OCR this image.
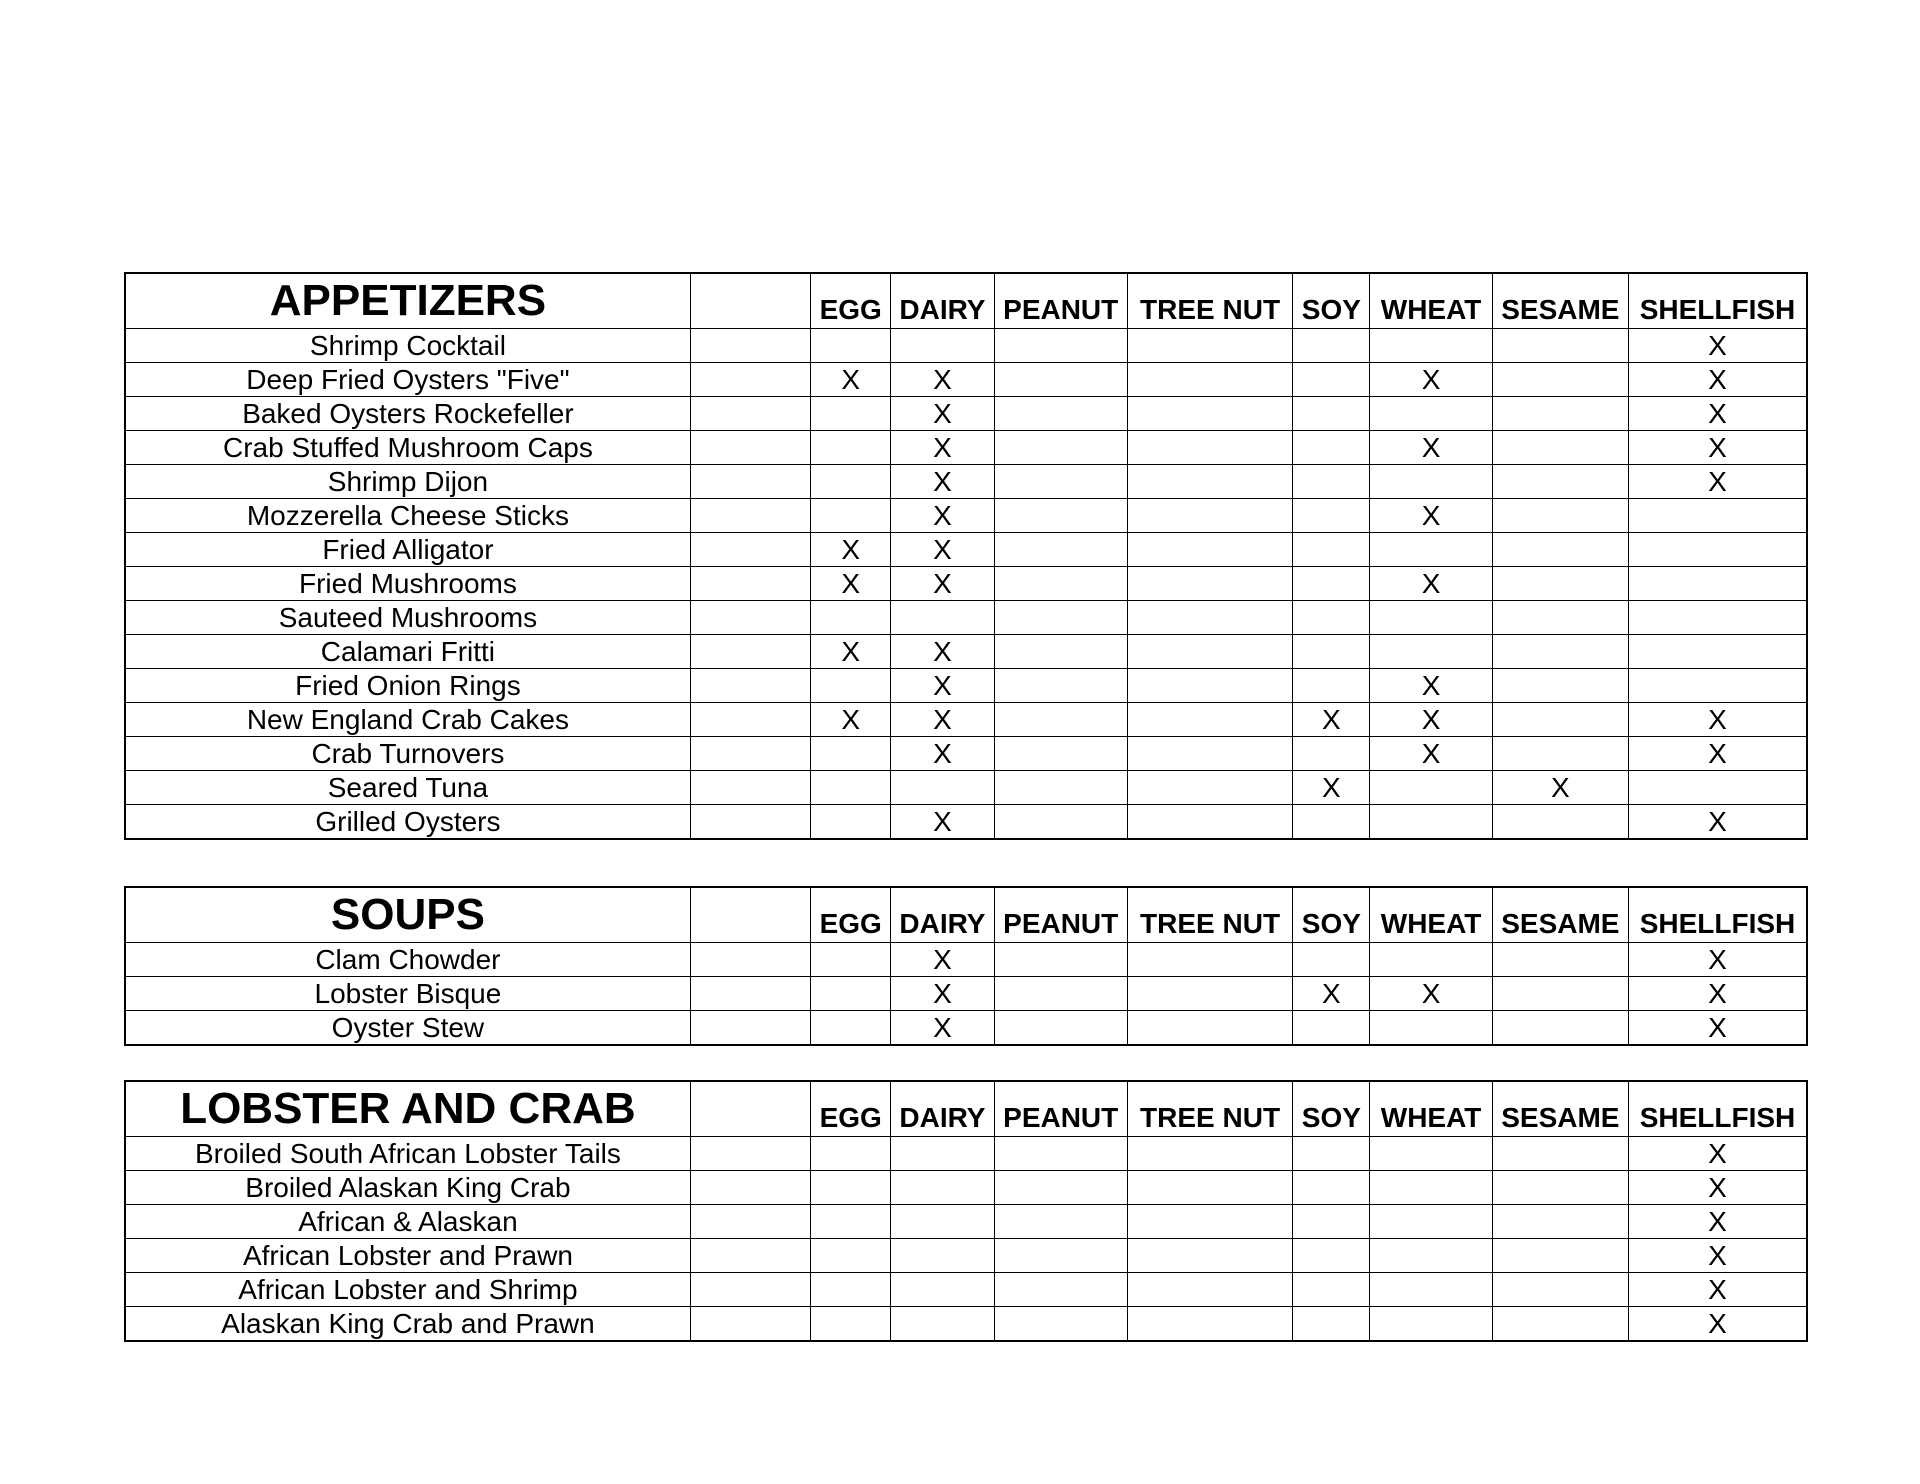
APPETIZERS		EGG	DAIRY	PEANUT	TREE NUT	SOY	WHEAT	SESAME	SHELLFISH
Shrimp Cocktail									X
Deep Fried Oysters "Five"		X	X				X		X
Baked Oysters Rockefeller			X						X
Crab Stuffed Mushroom Caps			X				X		X
Shrimp Dijon			X						X
Mozzerella Cheese Sticks			X				X		
Fried Alligator		X	X						
Fried Mushrooms		X	X				X		
Sauteed Mushrooms									
Calamari Fritti		X	X						
Fried Onion Rings			X				X		
New England Crab Cakes		X	X			X	X		X
Crab Turnovers			X				X		X
Seared Tuna						X		X	
Grilled Oysters			X						X
SOUPS		EGG	DAIRY	PEANUT	TREE NUT	SOY	WHEAT	SESAME	SHELLFISH
Clam Chowder			X						X
Lobster Bisque			X			X	X		X
Oyster Stew			X						X
LOBSTER AND CRAB		EGG	DAIRY	PEANUT	TREE NUT	SOY	WHEAT	SESAME	SHELLFISH
Broiled South African Lobster Tails									X
Broiled Alaskan King Crab									X
African & Alaskan									X
African Lobster and Prawn									X
African Lobster and Shrimp									X
Alaskan King Crab and Prawn									X
